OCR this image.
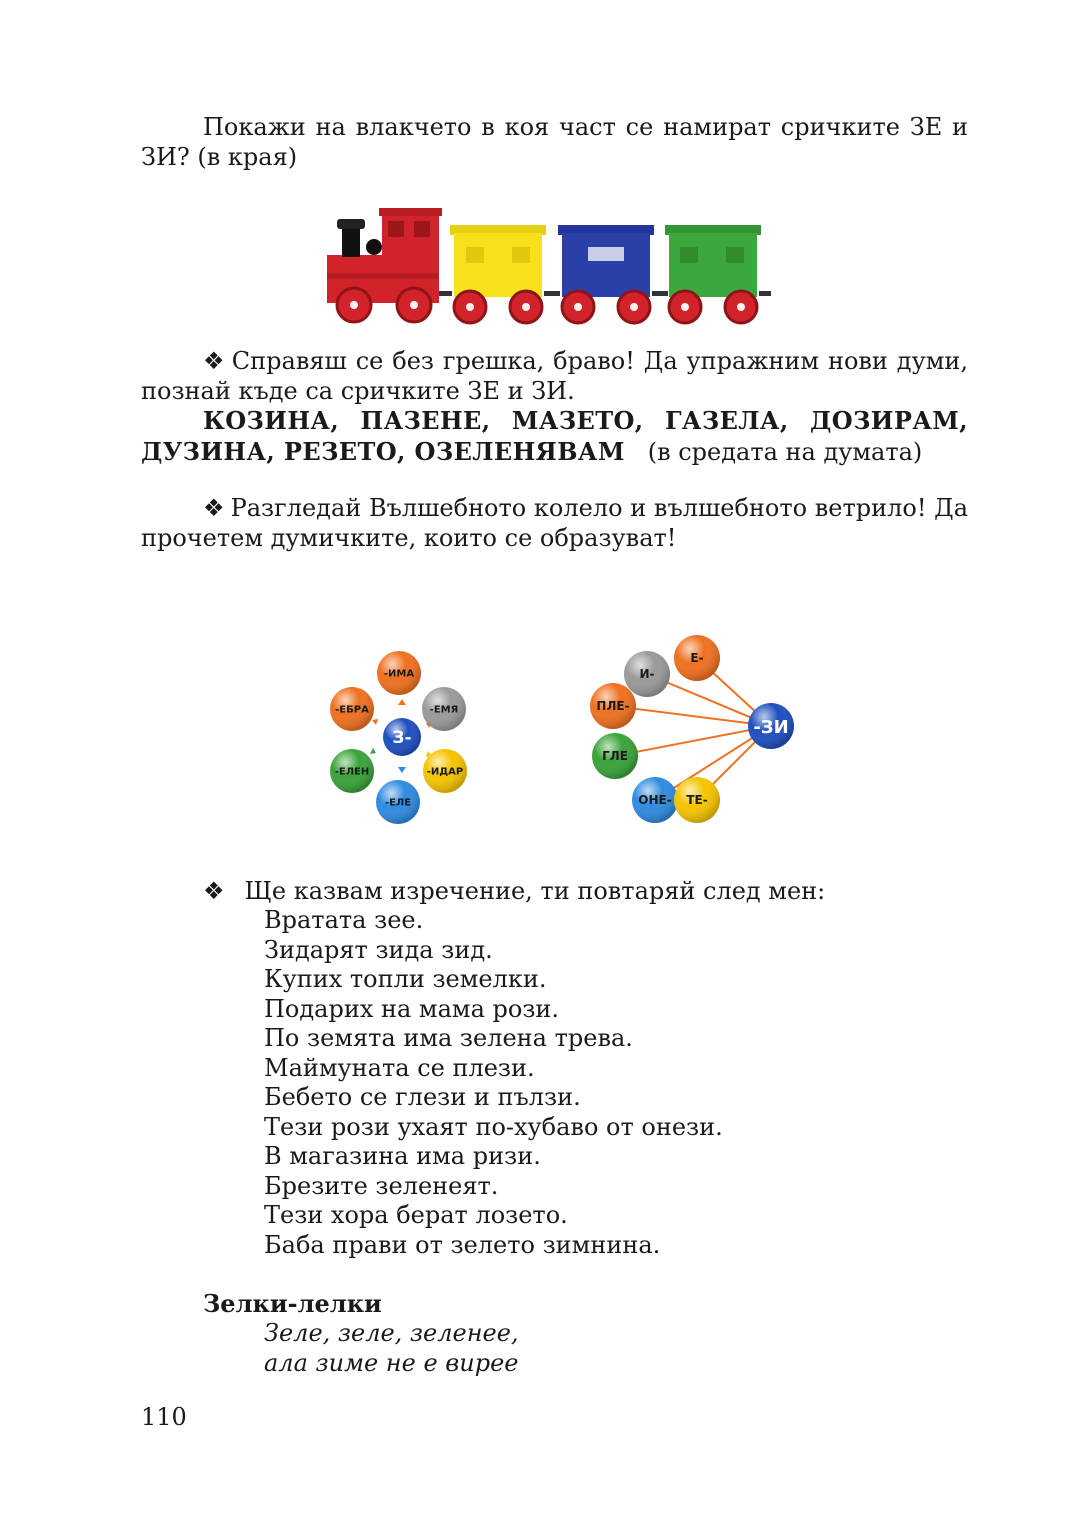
Покажи на влакчето в коя част се намират сричките ЗЕ и ЗИ? (в края)

❖ Справяш се без грешка, браво! Да упражним нови думи, познай къде са сричките ЗЕ и ЗИ.

КОЗИНА, ПАЗЕНЕ, МАЗЕТО, ГАЗЕЛА, ДОЗИРАМ, ДУЗИНА, РЕЗЕТО, ОЗЕЛЕНЯВАМ (в средата на думата)

❖ Разгледай Вълшебното колело и вълшебното ветрило! Да прочетем думичките, които се образуват!

-ИМА
-ЕМЯ
-ИДАР
-ЕЛЕ
-ЕЛЕН
-ЕБРА
З-
И-
Е-
ПЛЕ-
ГЛЕ
ОНЕ- ТЕ-
-ЗИ

❖ Ще казвам изречение, ти повтаряй след мен:

Вратата зее.
Зидарят зида зид.
Купих топли земелки.
Подарих на мама рози.
По земята има зелена трева.
Маймуната се плези.
Бебето се глези и пълзи.
Тези рози ухаят по-хубаво от онези.
В магазина има ризи.
Брезите зеленеят.
Тези хора берат лозето.
Баба прави от зелето зимнина.
Зелки-лелки
Зеле, зеле, зеленее,
ала зиме не е вирее
110
